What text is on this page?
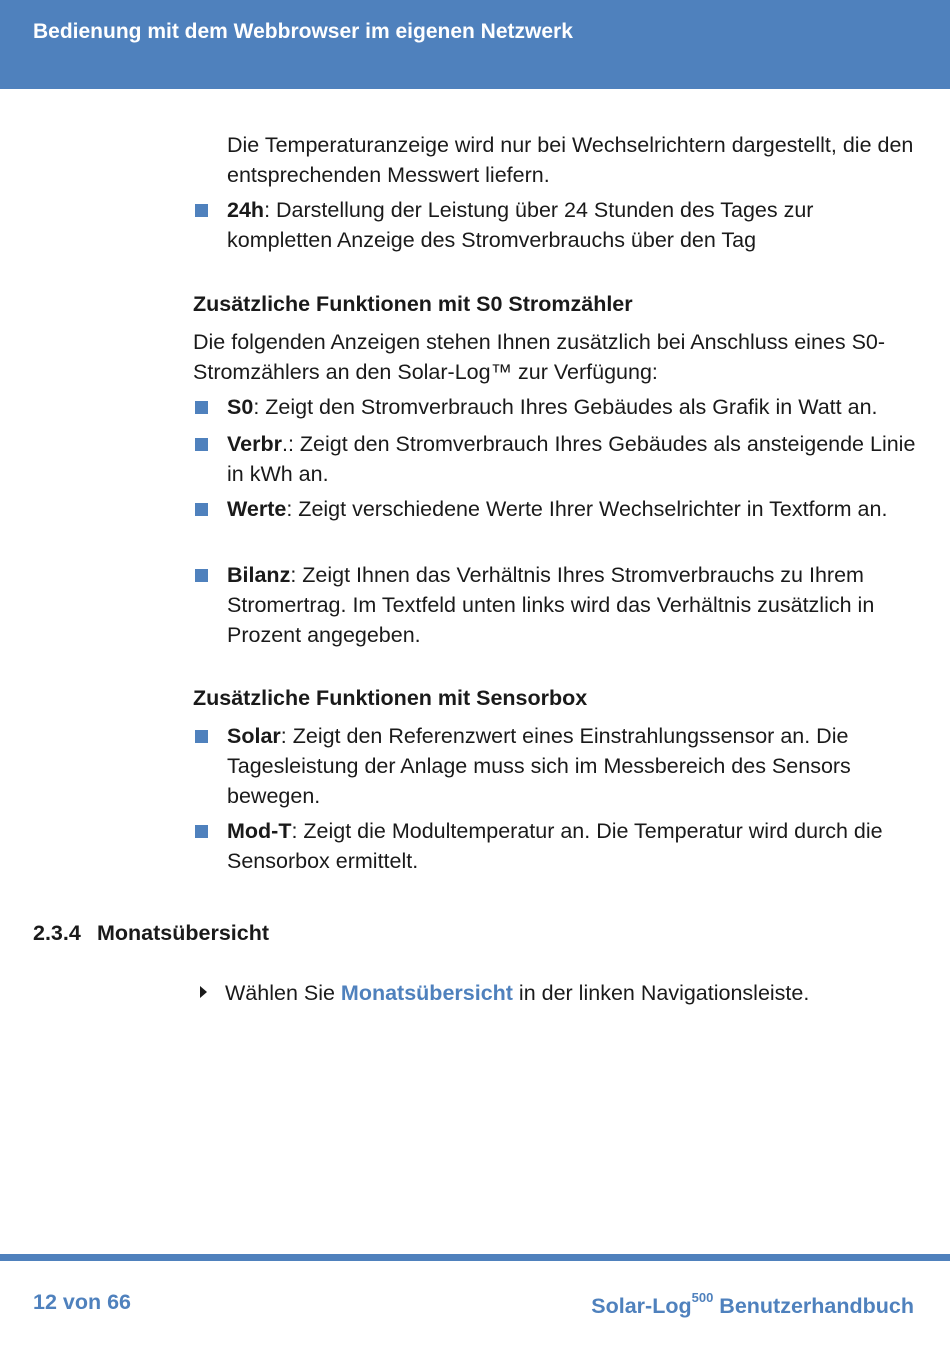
Bedienung mit dem Webbrowser im eigenen Netzwerk

Die Temperaturanzeige wird nur bei Wechselrichtern dargestellt, die den entsprechenden Messwert liefern.

24h: Darstellung der Leistung über 24 Stunden des Tages zur kompletten Anzeige des Stromverbrauchs über den Tag
Zusätzliche Funktionen mit S0 Stromzähler

Die folgenden Anzeigen stehen Ihnen zusätzlich bei Anschluss eines S0-Stromzählers an den Solar-Log™ zur Verfügung:

S0: Zeigt den Stromverbrauch Ihres Gebäudes als Grafik in Watt an.
Verbr.: Zeigt den Stromverbrauch Ihres Gebäudes als ansteigende Linie in kWh an.
Werte: Zeigt verschiedene Werte Ihrer Wechselrichter in Textform an.
Bilanz: Zeigt Ihnen das Verhältnis Ihres Stromverbrauchs zu Ihrem Stromertrag. Im Textfeld unten links wird das Verhältnis zusätzlich in Prozent angegeben.
Zusätzliche Funktionen mit Sensorbox
Solar: Zeigt den Referenzwert eines Einstrahlungssensor an. Die Tagesleistung der Anlage muss sich im Messbereich des Sensors bewegen.
Mod-T: Zeigt die Modultemperatur an. Die Temperatur wird durch die Sensorbox ermittelt.
2.3.4 Monatsübersicht
Wählen Sie Monatsübersicht in der linken Navigationsleiste.
12 von 66	Solar-Log$^{500}$ Benutzerhandbuch
